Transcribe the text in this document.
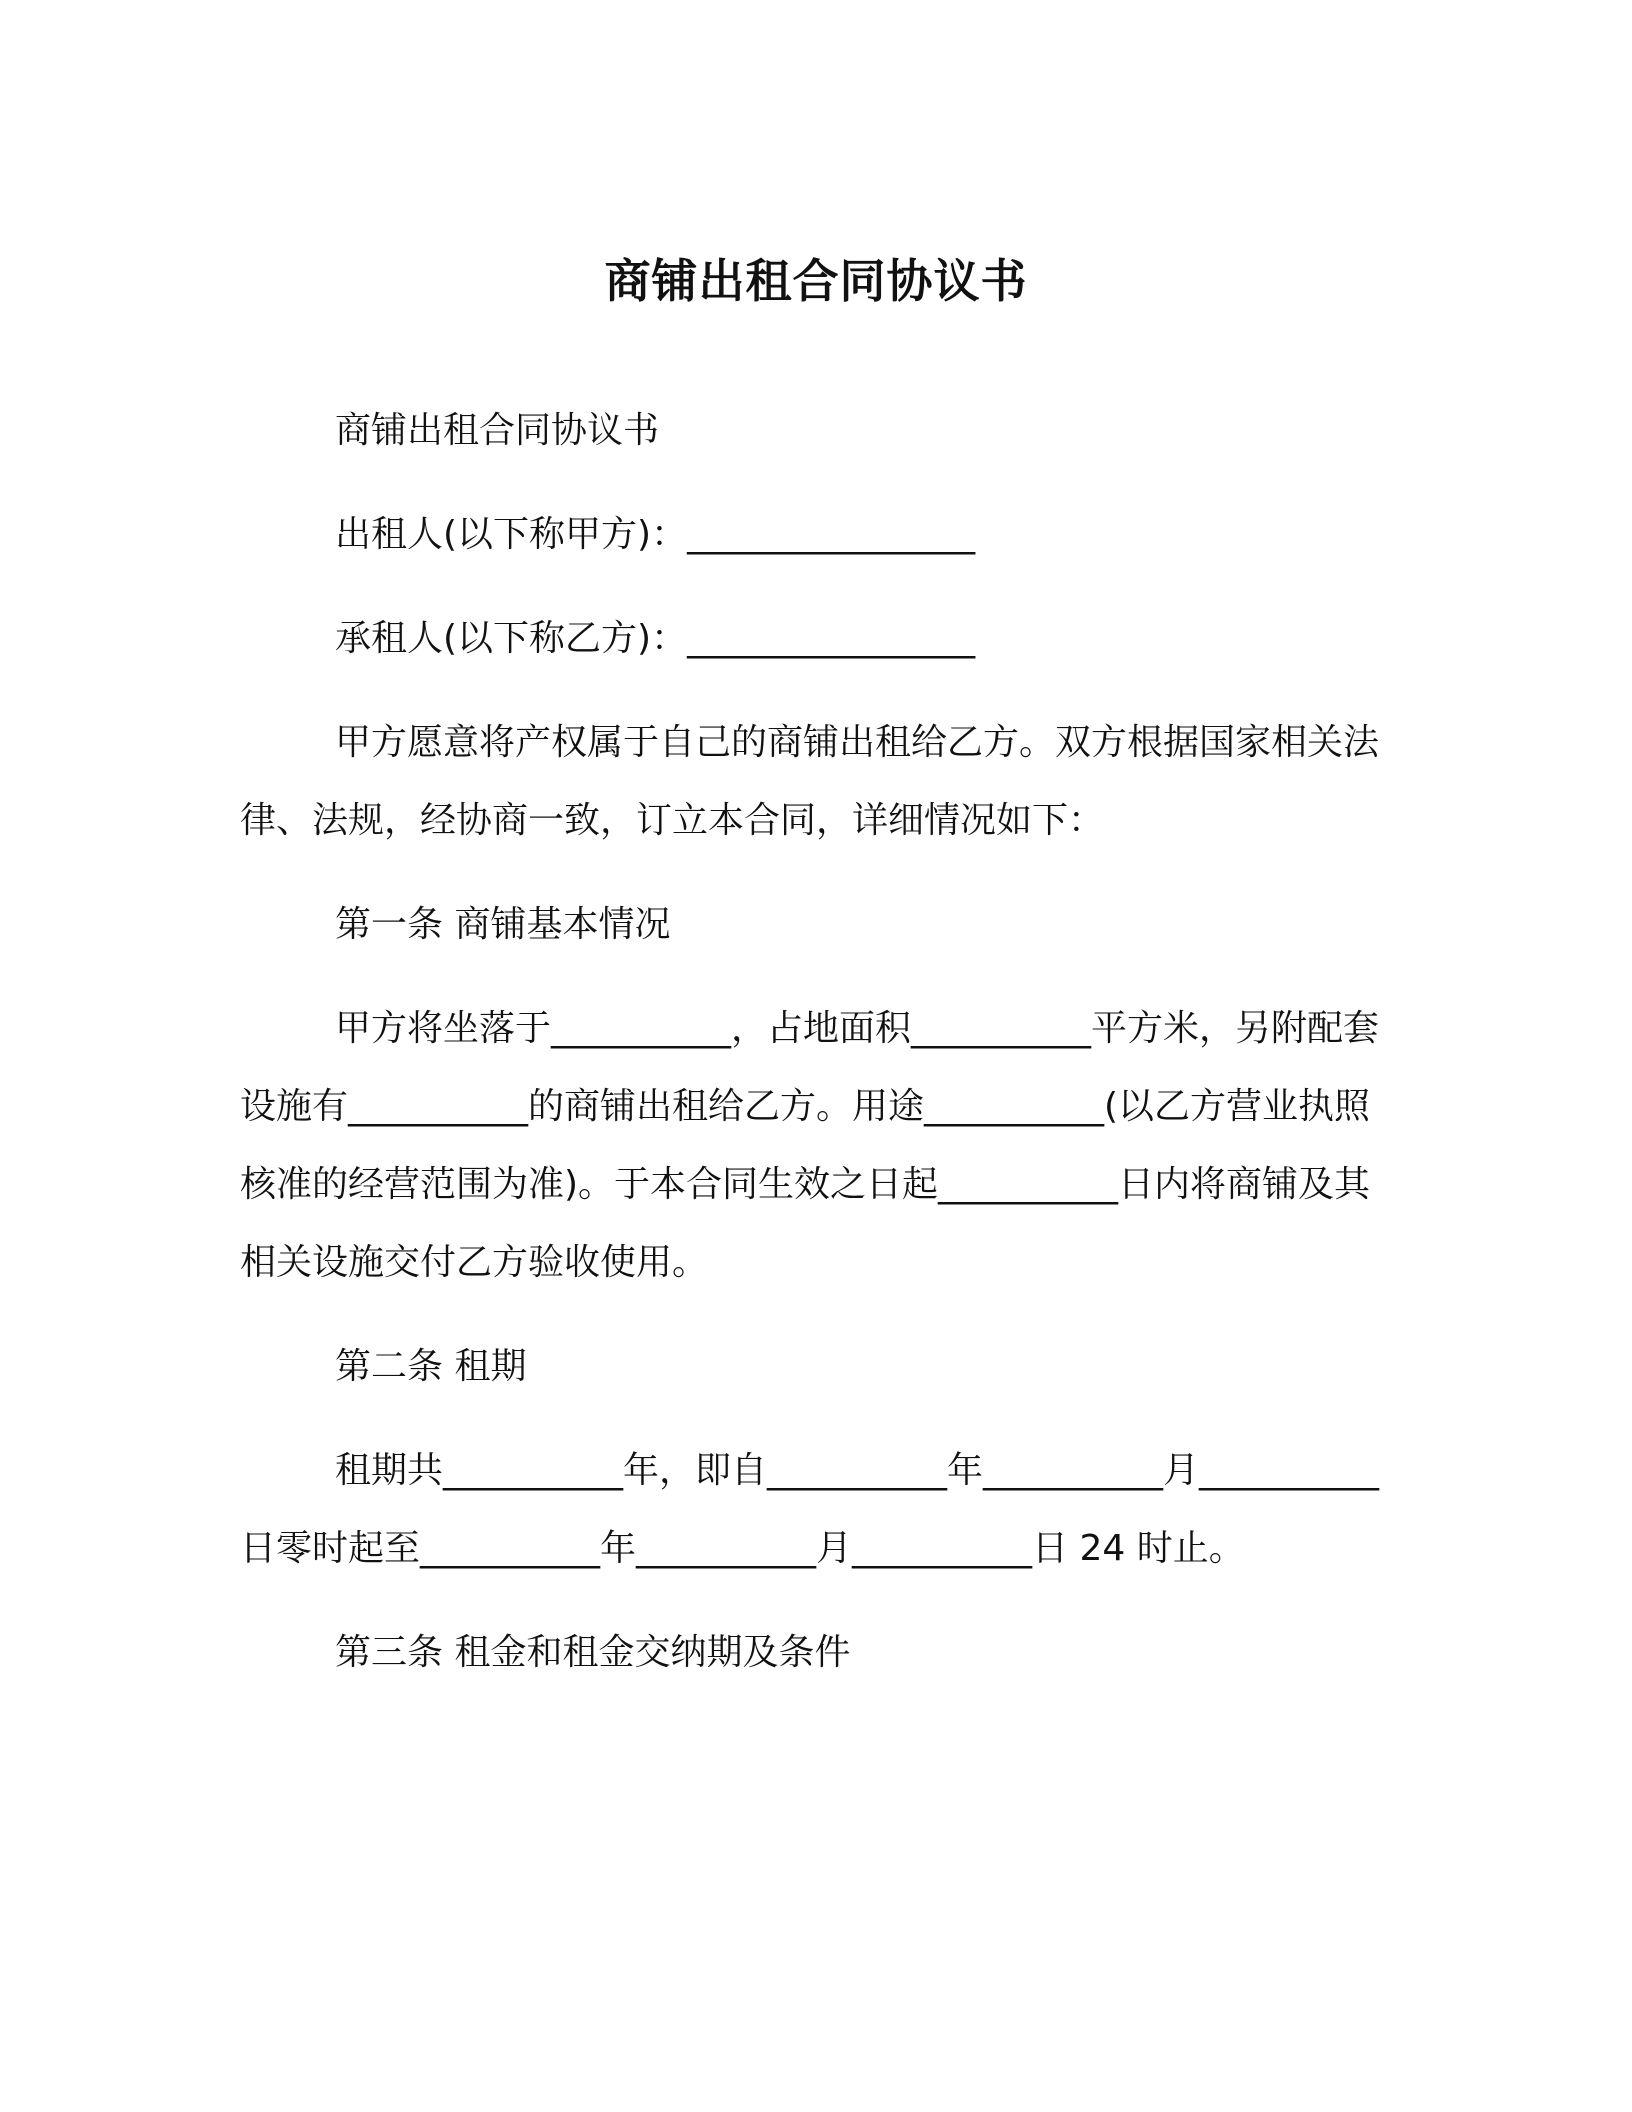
商铺出租合同协议书

商铺出租合同协议书

出租人(以下称甲方)：________________

承租人(以下称乙方)：________________

甲方愿意将产权属于自己的商铺出租给乙方。双方根据国家相关法律、法规，经协商一致，订立本合同，详细情况如下：

第一条 商铺基本情况

甲方将坐落于__________，占地面积__________平方米，另附配套设施有__________的商铺出租给乙方。用途__________(以乙方营业执照核准的经营范围为准)。于本合同生效之日起__________日内将商铺及其相关设施交付乙方验收使用。

第二条 租期

租期共__________年，即自__________年__________月__________日零时起至__________年__________月__________日 24 时止。

第三条 租金和租金交纳期及条件
